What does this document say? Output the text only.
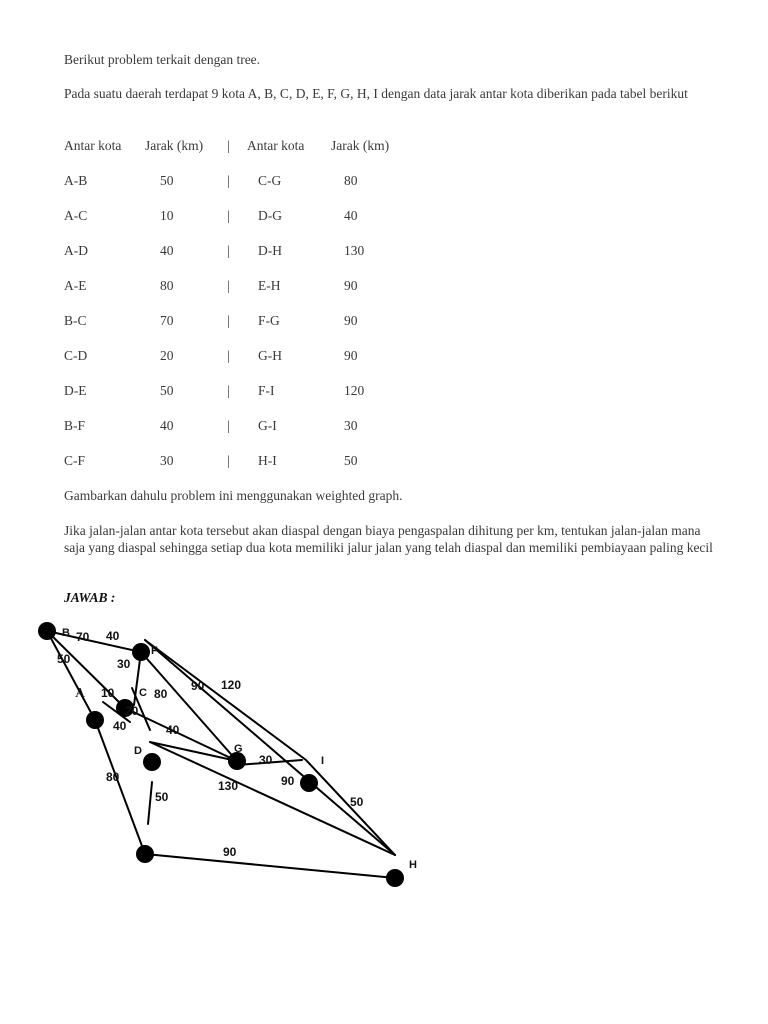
Berikut problem terkait dengan tree.

Pada suatu daerah terdapat 9 kota A, B, C, D, E, F, G, H, I dengan data jarak antar kota diberikan pada tabel berikut

Antar kota Jarak (km) | Antar kota Jarak (km)
A-B	50	| C-G	80
A-C	10	| D-G	40
A-D	40	| D-H	130
A-E	80	| E-H	90
B-C	70	| F-G	90
C-D	20	| G-H	90
D-E	50	| F-I	120
B-F	40	| G-I	30
C-F	30	| H-I	50

Gambarkan dahulu problem ini menggunakan weighted graph.

Jika jalan-jalan antar kota tersebut akan diaspal dengan biaya pengaspalan dihitung per km, tentukan jalan-jalan mana saja yang diaspal sehingga setiap dua kota memiliki jalur jalan yang telah diaspal dan memiliki pembiayaan paling kecil

JAWAB :
B
F
A	C
D	G
I
H
70 40
50	30
10	80
90 120
20
40	40
30
80	90
130
50	50
90
